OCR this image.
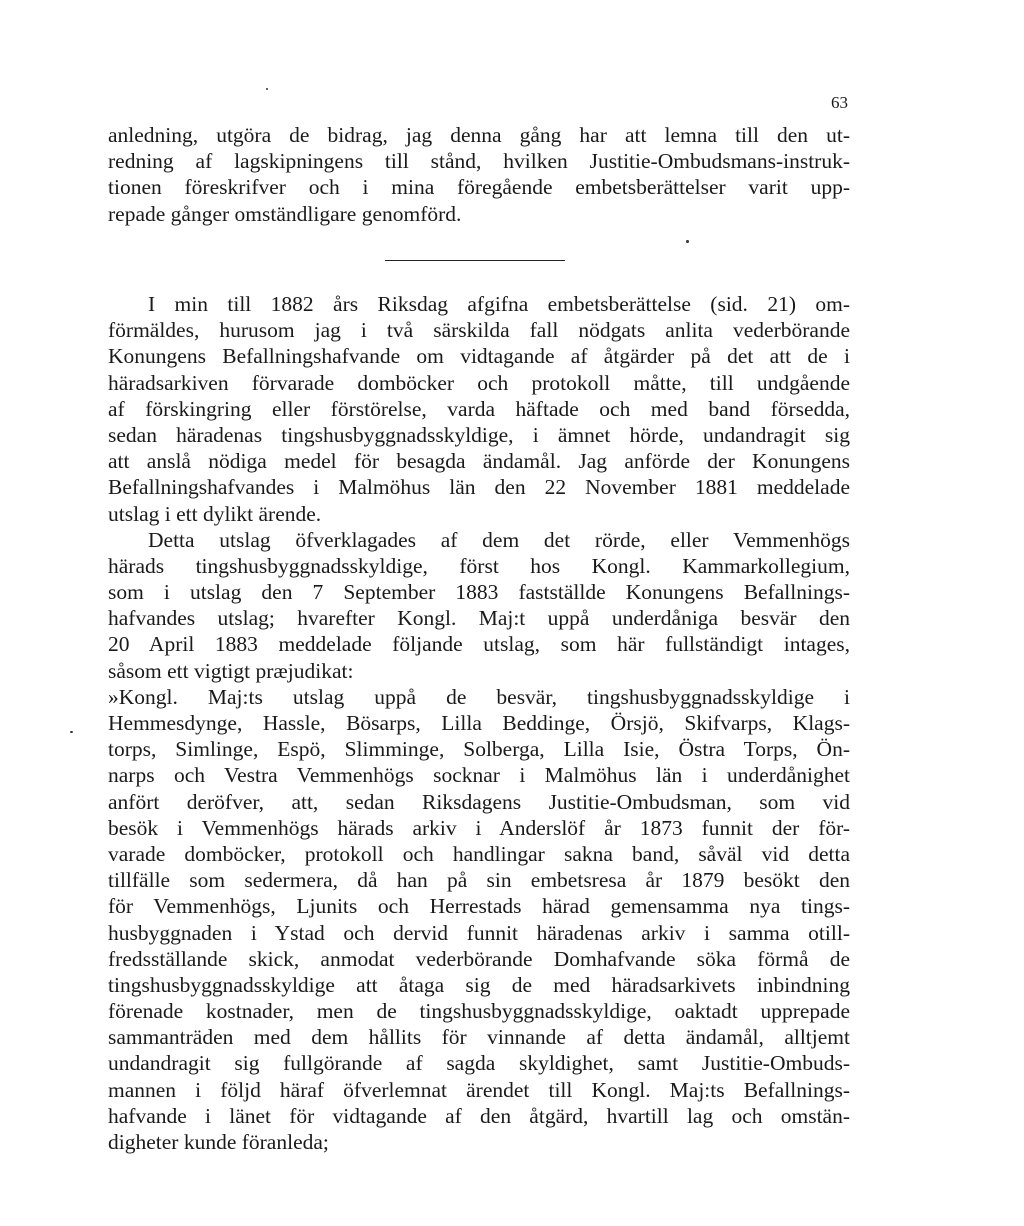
63
anledning, utgöra de bidrag, jag denna gång har att lemna till den ut-
redning af lagskipningens till stånd, hvilken Justitie-Ombudsmans-instruk-
tionen föreskrifver och i mina föregående embetsberättelser varit upp-
repade gånger omständligare genomförd.
I min till 1882 års Riksdag afgifna embetsberättelse (sid. 21) om-
förmäldes, hurusom jag i två särskilda fall nödgats anlita vederbörande
Konungens Befallningshafvande om vidtagande af åtgärder på det att de i
häradsarkiven förvarade domböcker och protokoll måtte, till undgående
af förskingring eller förstörelse, varda häftade och med band försedda,
sedan häradenas tingshusbyggnadsskyldige, i ämnet hörde, undandragit sig
att anslå nödiga medel för besagda ändamål. Jag anförde der Konungens
Befallningshafvandes i Malmöhus län den 22 November 1881 meddelade
utslag i ett dylikt ärende.
Detta utslag öfverklagades af dem det rörde, eller Vemmenhögs
härads tingshusbyggnadsskyldige, först hos Kongl. Kammarkollegium,
som i utslag den 7 September 1883 fastställde Konungens Befallnings-
hafvandes utslag; hvarefter Kongl. Maj:t uppå underdåniga besvär den
20 April 1883 meddelade följande utslag, som här fullständigt intages,
såsom ett vigtigt præjudikat:
»Kongl. Maj:ts utslag uppå de besvär, tingshusbyggnadsskyldige i
Hemmesdynge, Hassle, Bösarps, Lilla Beddinge, Örsjö, Skifvarps, Klags-
torps, Simlinge, Espö, Slimminge, Solberga, Lilla Isie, Östra Torps, Ön-
narps och Vestra Vemmenhögs socknar i Malmöhus län i underdånighet
anfört deröfver, att, sedan Riksdagens Justitie-Ombudsman, som vid
besök i Vemmenhögs härads arkiv i Anderslöf år 1873 funnit der för-
varade domböcker, protokoll och handlingar sakna band, såväl vid detta
tillfälle som sedermera, då han på sin embetsresa år 1879 besökt den
för Vemmenhögs, Ljunits och Herrestads härad gemensamma nya tings-
husbyggnaden i Ystad och dervid funnit häradenas arkiv i samma otill-
fredsställande skick, anmodat vederbörande Domhafvande söka förmå de
tingshusbyggnadsskyldige att åtaga sig de med häradsarkivets inbindning
förenade kostnader, men de tingshusbyggnadsskyldige, oaktadt upprepade
sammanträden med dem hållits för vinnande af detta ändamål, alltjemt
undandragit sig fullgörande af sagda skyldighet, samt Justitie-Ombuds-
mannen i följd häraf öfverlemnat ärendet till Kongl. Maj:ts Befallnings-
hafvande i länet för vidtagande af den åtgärd, hvartill lag och omstän-
digheter kunde föranleda;
